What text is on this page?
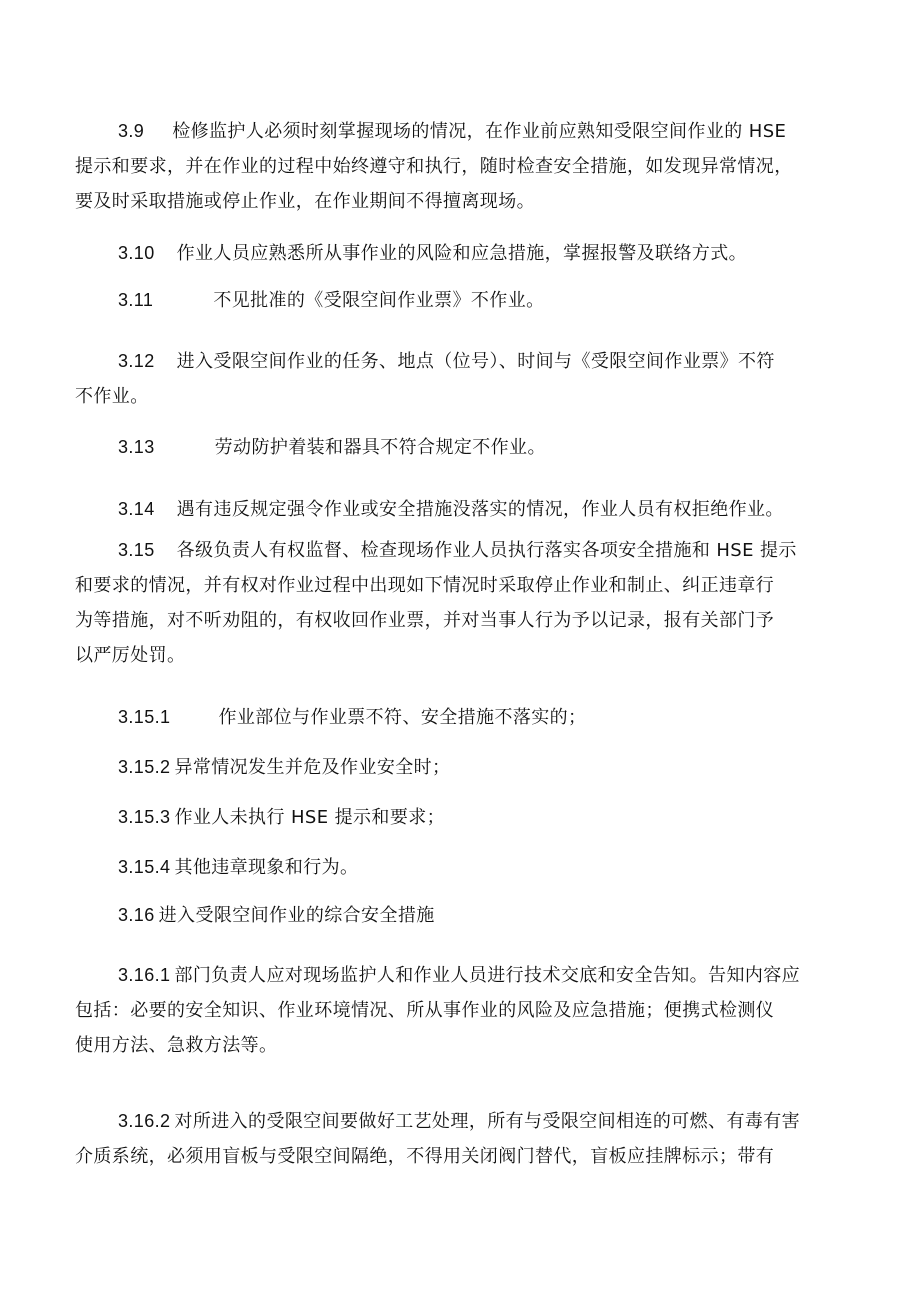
3.9 检修监护人必须时刻掌握现场的情况，在作业前应熟知受限空间作业的 HSE
提示和要求，并在作业的过程中始终遵守和执行，随时检查安全措施，如发现异常情况，
要及时采取措施或停止作业，在作业期间不得擅离现场。
3.10 作业人员应熟悉所从事作业的风险和应急措施，掌握报警及联络方式。
3.11	不见批准的《受限空间作业票》不作业。
3.12 进入受限空间作业的任务、地点（位号）、时间与《受限空间作业票》不符
不作业。
3.13	劳动防护着装和器具不符合规定不作业。
3.14 遇有违反规定强令作业或安全措施没落实的情况，作业人员有权拒绝作业。
3.15 各级负责人有权监督、检查现场作业人员执行落实各项安全措施和 HSE 提示
和要求的情况，并有权对作业过程中出现如下情况时采取停止作业和制止、纠正违章行
为等措施，对不听劝阻的，有权收回作业票，并对当事人行为予以记录，报有关部门予
以严厉处罚。
3.15.1	作业部位与作业票不符、安全措施不落实的；
3.15.2 异常情况发生并危及作业安全时；
3.15.3 作业人未执行 HSE 提示和要求；
3.15.4 其他违章现象和行为。
3.16 进入受限空间作业的综合安全措施
3.16.1 部门负责人应对现场监护人和作业人员进行技术交底和安全告知。告知内容应
包括：必要的安全知识、作业环境情况、所从事作业的风险及应急措施；便携式检测仪
使用方法、急救方法等。
3.16.2 对所进入的受限空间要做好工艺处理，所有与受限空间相连的可燃、有毒有害
介质系统，必须用盲板与受限空间隔绝，不得用关闭阀门替代，盲板应挂牌标示；带有
